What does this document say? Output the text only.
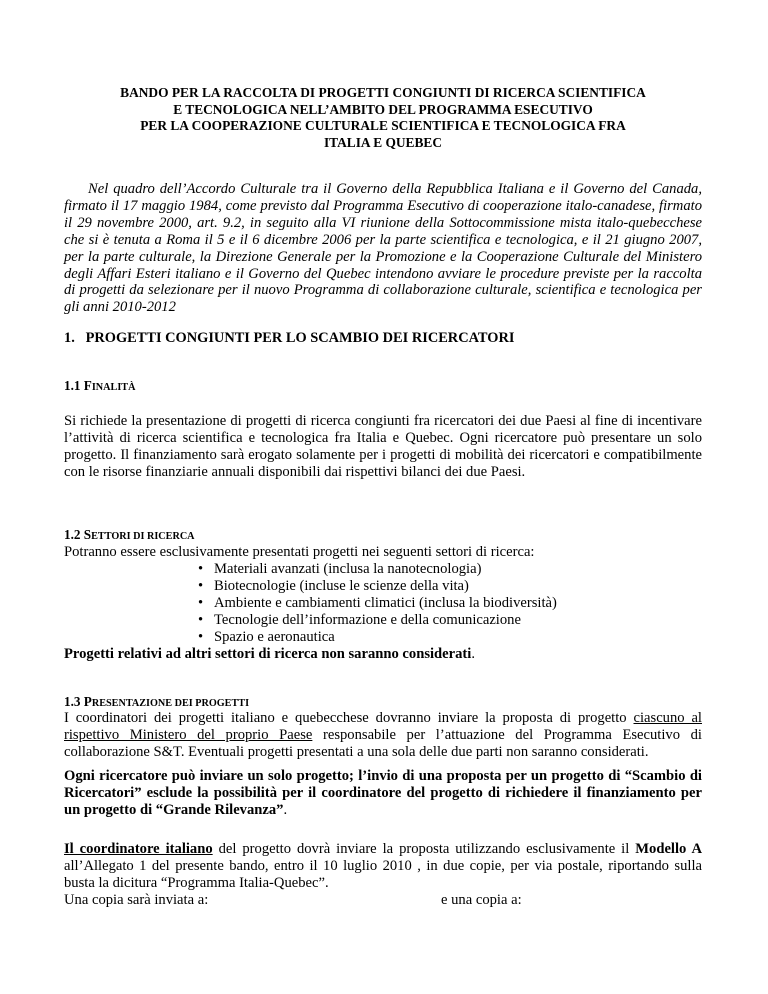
BANDO PER LA RACCOLTA DI PROGETTI CONGIUNTI DI RICERCA SCIENTIFICA
E TECNOLOGICA NELL’AMBITO DEL PROGRAMMA ESECUTIVO
PER LA COOPERAZIONE CULTURALE SCIENTIFICA E TECNOLOGICA FRA
ITALIA E QUEBEC
Nel quadro dell’Accordo Culturale tra il Governo della Repubblica Italiana e il Governo del Canada, firmato il 17 maggio 1984, come previsto dal Programma Esecutivo di cooperazione italo-canadese, firmato il 29 novembre 2000, art. 9.2, in seguito alla VI riunione della Sottocommissione mista italo-quebecchese che si è tenuta a Roma il 5 e il 6 dicembre 2006 per la parte scientifica e tecnologica, e il 21 giugno 2007, per la parte culturale, la Direzione Generale per la Promozione e la Cooperazione Culturale del Ministero degli Affari Esteri italiano e il Governo del Quebec intendono avviare le procedure previste per la raccolta di progetti da selezionare per il nuovo Programma di collaborazione culturale, scientifica e tecnologica per gli anni 2010-2012
1.   PROGETTI CONGIUNTI PER LO SCAMBIO DEI RICERCATORI
1.1 FINALITÀ
Si richiede la presentazione di progetti di ricerca congiunti fra ricercatori dei due Paesi al fine di incentivare l’attività di ricerca scientifica e tecnologica fra Italia e Quebec. Ogni ricercatore può presentare un solo progetto. Il finanziamento sarà erogato solamente per i progetti di mobilità dei ricercatori e compatibilmente con le risorse finanziarie annuali disponibili dai rispettivi bilanci dei due Paesi.
1.2 SETTORI DI RICERCA
Potranno essere esclusivamente presentati progetti nei seguenti settori di ricerca:
• Materiali avanzati (inclusa la nanotecnologia)
• Biotecnologie (incluse le scienze della vita)
• Ambiente e cambiamenti climatici (inclusa la biodiversità)
• Tecnologie dell’informazione e della comunicazione
• Spazio e aeronautica
Progetti relativi ad altri settori di ricerca non saranno considerati.
1.3 PRESENTAZIONE DEI PROGETTI
I coordinatori dei progetti italiano e quebecchese dovranno inviare la proposta di progetto ciascuno al rispettivo Ministero del proprio Paese responsabile per l’attuazione del Programma Esecutivo di collaborazione S&T. Eventuali progetti presentati a una sola delle due parti non saranno considerati.
Ogni ricercatore può inviare un solo progetto; l’invio di una proposta per un progetto di “Scambio di Ricercatori” esclude la possibilità per il coordinatore del progetto di richiedere il finanziamento per un progetto di “Grande Rilevanza”.
Il coordinatore italiano del progetto dovrà inviare la proposta utilizzando esclusivamente il Modello A all’Allegato 1 del presente bando, entro il 10 luglio 2010 , in due copie, per via postale, riportando sulla busta la dicitura “Programma Italia-Quebec”.
Una copia sarà inviata a:	e una copia a:
